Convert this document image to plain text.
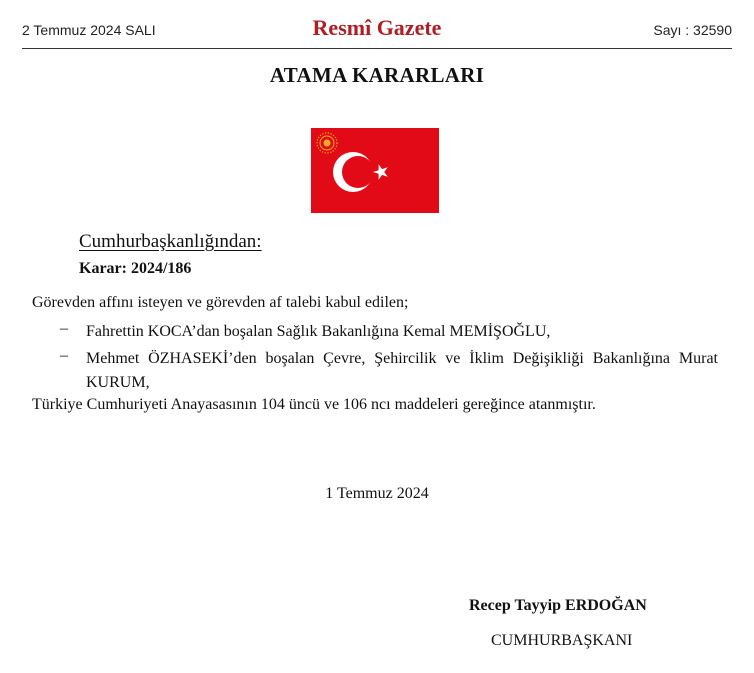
2 Temmuz 2024 SALI	Resmî Gazete	Sayı : 32590
ATAMA KARARLARI
Cumhurbaşkanlığından:
Karar: 2024/186
Görevden affını isteyen ve görevden af talebi kabul edilen;
– Fahrettin KOCA’dan boşalan Sağlık Bakanlığına Kemal MEMİŞOĞLU,
– Mehmet ÖZHASEKİ’den boşalan Çevre, Şehircilik ve İklim Değişikliği Bakanlığına Murat KURUM,
Türkiye Cumhuriyeti Anayasasının 104 üncü ve 106 ncı maddeleri gereğince atanmıştır.
1 Temmuz 2024
Recep Tayyip ERDOĞAN
CUMHURBAŞKANI
